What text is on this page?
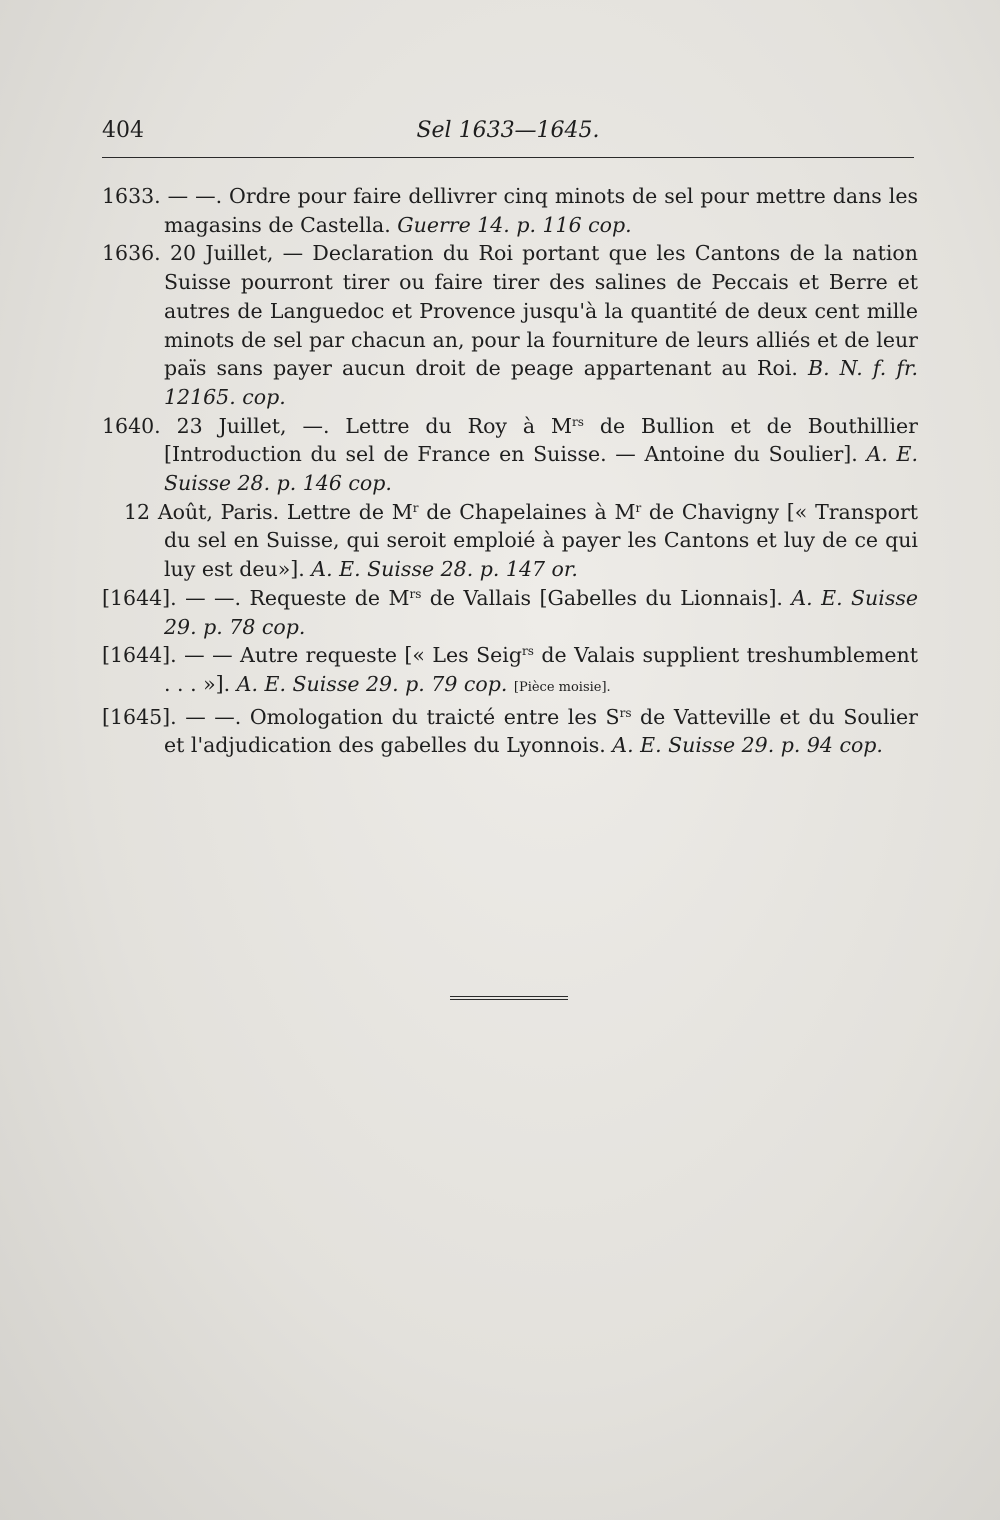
404	Sel 1633—1645.

1633. — —. Ordre pour faire dellivrer cinq minots de sel pour mettre dans les magasins de Castella. Guerre 14. p. 116 cop.

1636. 20 Juillet, — Declaration du Roi portant que les Cantons de la nation Suisse pourront tirer ou faire tirer des salines de Peccais et Berre et autres de Languedoc et Provence jusqu'à la quantité de deux cent mille minots de sel par chacun an, pour la fourniture de leurs alliés et de leur païs sans payer aucun droit de peage appartenant au Roi. B. N. f. fr. 12165. cop.

1640. 23 Juillet, —. Lettre du Roy à $M^{rs}$ de Bullion et de Bouthillier [Introduction du sel de France en Suisse. — Antoine du Soulier]. A. E. Suisse 28. p. 146 cop.

12 Août, Paris. Lettre de $M^r$ de Chapelaines à $M^r$ de Chavigny [« Transport du sel en Suisse, qui seroit emploié à payer les Cantons et luy de ce qui luy est deu»]. A. E. Suisse 28. p. 147 or.

[1644]. — —. Requeste de $M^{rs}$ de Vallais [Gabelles du Lionnais]. A. E. Suisse 29. p. 78 cop.

[1644]. — — Autre requeste [« Les Seig$^{rs}$ de Valais supplient treshumblement . . . »]. A. E. Suisse 29. p. 79 cop. [Pièce moisie].

[1645]. — —. Omologation du traicté entre les $S^{rs}$ de Vatteville et du Soulier et l'adjudication des gabelles du Lyonnois. A. E. Suisse 29. p. 94 cop.
